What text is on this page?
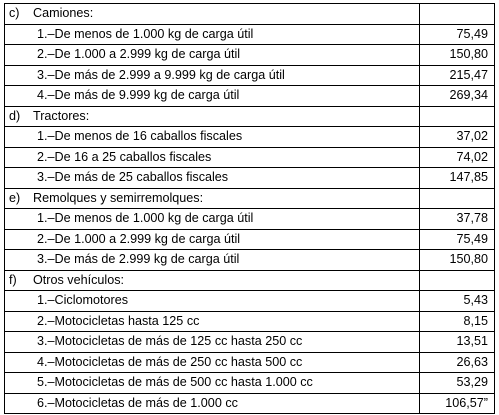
c) Camiones:	
1.–De menos de 1.000 kg de carga útil	75,49
2.–De 1.000 a 2.999 kg de carga útil	150,80
3.–De más de 2.999 a 9.999 kg de carga útil	215,47
4.–De más de 9.999 kg de carga útil	269,34
d) Tractores:	
1.–De menos de 16 caballos fiscales	37,02
2.–De 16 a 25 caballos fiscales	74,02
3.–De más de 25 caballos fiscales	147,85
e) Remolques y semirremolques:	
1.–De menos de 1.000 kg de carga útil	37,78
2.–De 1.000 a 2.999 kg de carga útil	75,49
3.–De más de 2.999 kg de carga útil	150,80
f) Otros vehículos:	
1.–Ciclomotores	5,43
2.–Motocicletas hasta 125 cc	8,15
3.–Motocicletas de más de 125 cc hasta 250 cc	13,51
4.–Motocicletas de más de 250 cc hasta 500 cc	26,63
5.–Motocicletas de más de 500 cc hasta 1.000 cc	53,29
6.–Motocicletas de más de 1.000 cc	106,57”
